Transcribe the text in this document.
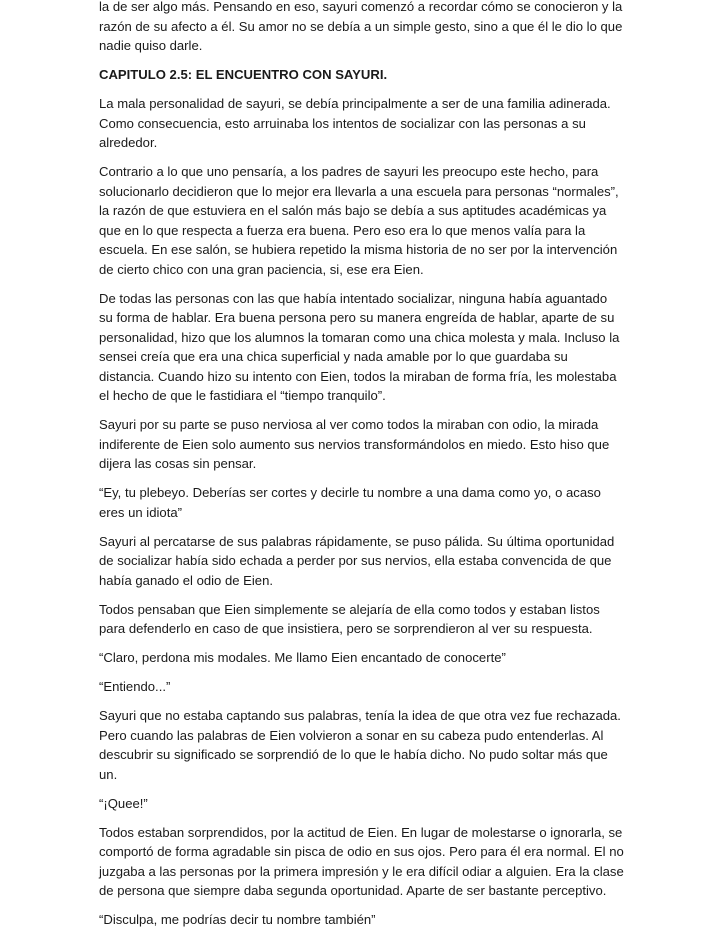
la de ser algo más. Pensando en eso, sayuri comenzó a recordar cómo se conocieron y la razón de su afecto a él. Su amor no se debía a un simple gesto, sino a que él le dio lo que nadie quiso darle.

CAPITULO 2.5: EL ENCUENTRO CON SAYURI.

La mala personalidad de sayuri, se debía principalmente a ser de una familia adinerada. Como consecuencia, esto arruinaba los intentos de socializar con las personas a su alrededor.

Contrario a lo que uno pensaría, a los padres de sayuri les preocupo este hecho, para solucionarlo decidieron que lo mejor era llevarla a una escuela para personas “normales”, la razón de que estuviera en el salón más bajo se debía a sus aptitudes académicas ya que en lo que respecta a fuerza era buena. Pero eso era lo que menos valía para la escuela. En ese salón, se hubiera repetido la misma historia de no ser por la intervención de cierto chico con una gran paciencia, si, ese era Eien.

De todas las personas con las que había intentado socializar, ninguna había aguantado su forma de hablar. Era buena persona pero su manera engreída de hablar, aparte de su personalidad, hizo que los alumnos la tomaran como una chica molesta y mala. Incluso la sensei creía que era una chica superficial y nada amable por lo que guardaba su distancia. Cuando hizo su intento con Eien, todos la miraban de forma fría, les molestaba el hecho de que le fastidiara el “tiempo tranquilo”.

Sayuri por su parte se puso nerviosa al ver como todos la miraban con odio, la mirada indiferente de Eien solo aumento sus nervios transformándolos en miedo. Esto hiso que dijera las cosas sin pensar.

“Ey, tu plebeyo. Deberías ser cortes y decirle tu nombre a una dama como yo, o acaso eres un idiota”

Sayuri al percatarse de sus palabras rápidamente, se puso pálida. Su última oportunidad de socializar había sido echada a perder por sus nervios, ella estaba convencida de que había ganado el odio de Eien.

Todos pensaban que Eien simplemente se alejaría de ella como todos y estaban listos para defenderlo en caso de que insistiera, pero se sorprendieron al ver su respuesta.

“Claro, perdona mis modales. Me llamo Eien encantado de conocerte”

“Entiendo...”

Sayuri que no estaba captando sus palabras, tenía la idea de que otra vez fue rechazada. Pero cuando las palabras de Eien volvieron a sonar en su cabeza pudo entenderlas. Al descubrir su significado se sorprendió de lo que le había dicho. No pudo soltar más que un.

“¡Quee!”

Todos estaban sorprendidos, por la actitud de Eien. En lugar de molestarse o ignorarla, se comportó de forma agradable sin pisca de odio en sus ojos. Pero para él era normal. El no juzgaba a las personas por la primera impresión y le era difícil odiar a alguien. Era la clase de persona que siempre daba segunda oportunidad. Aparte de ser bastante perceptivo.

“Disculpa, me podrías decir tu nombre también”
